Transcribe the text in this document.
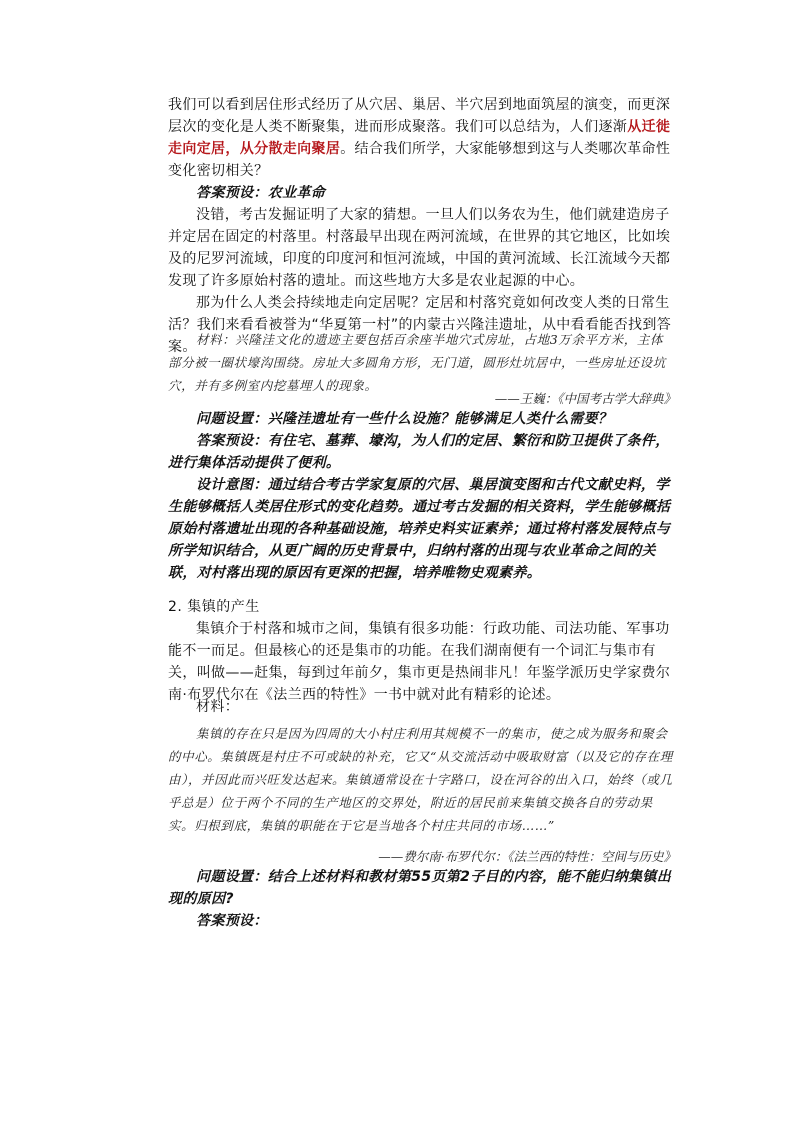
我们可以看到居住形式经历了从穴居、巢居、半穴居到地面筑屋的演变，而更深层次的变化是人类不断聚集，进而形成聚落。我们可以总结为，人们逐渐从迁徙走向定居，从分散走向聚居。结合我们所学，大家能够想到这与人类哪次革命性变化密切相关？

答案预设：农业革命

没错，考古发掘证明了大家的猜想。一旦人们以务农为生，他们就建造房子并定居在固定的村落里。村落最早出现在两河流域，在世界的其它地区，比如埃及的尼罗河流域，印度的印度河和恒河流域，中国的黄河流域、长江流域今天都发现了许多原始村落的遗址。而这些地方大多是农业起源的中心。

那为什么人类会持续地走向定居呢？定居和村落究竟如何改变人类的日常生活？我们来看看被誉为“华夏第一村”的内蒙古兴隆洼遗址，从中看看能否找到答案。 材料：兴隆洼文化的遗迹主要包括百余座半地穴式房址，占地3万余平方米，主体部分被一圈状壕沟围绕。房址大多圆角方形，无门道，圆形灶坑居中，一些房址还设坑穴，并有多例室内挖墓埋人的现象。

——王巍：《中国考古学大辞典》

问题设置：兴隆洼遗址有一些什么设施？能够满足人类什么需要？

答案预设：有住宅、墓葬、壕沟，为人们的定居、繁衍和防卫提供了条件，进行集体活动提供了便利。

设计意图：通过结合考古学家复原的穴居、巢居演变图和古代文献史料，学生能够概括人类居住形式的变化趋势。通过考古发掘的相关资料，学生能够概括原始村落遗址出现的各种基础设施，培养史料实证素养；通过将村落发展特点与所学知识结合，从更广阔的历史背景中，归纳村落的出现与农业革命之间的关联，对村落出现的原因有更深的把握，培养唯物史观素养。

2. 集镇的产生

集镇介于村落和城市之间，集镇有很多功能：行政功能、司法功能、军事功能不一而足。但最核心的还是集市的功能。在我们湖南便有一个词汇与集市有关，叫做——赶集，每到过年前夕，集市更是热闹非凡！年鉴学派历史学家费尔南·布罗代尔在《法兰西的特性》一书中就对此有精彩的论述。

材料：

集镇的存在只是因为四周的大小村庄利用其规模不一的集市，使之成为服务和聚会的中心。集镇既是村庄不可或缺的补充，它又“从交流活动中吸取财富（以及它的存在理由），并因此而兴旺发达起来。集镇通常设在十字路口，设在河谷的出入口，始终（或几乎总是）位于两个不同的生产地区的交界处，附近的居民前来集镇交换各自的劳动果实。归根到底，集镇的职能在于它是当地各个村庄共同的市场……”

——费尔南·布罗代尔：《法兰西的特性：空间与历史》

问题设置：结合上述材料和教材第55页第2子目的内容，能不能归纳集镇出现的原因?

答案预设：
